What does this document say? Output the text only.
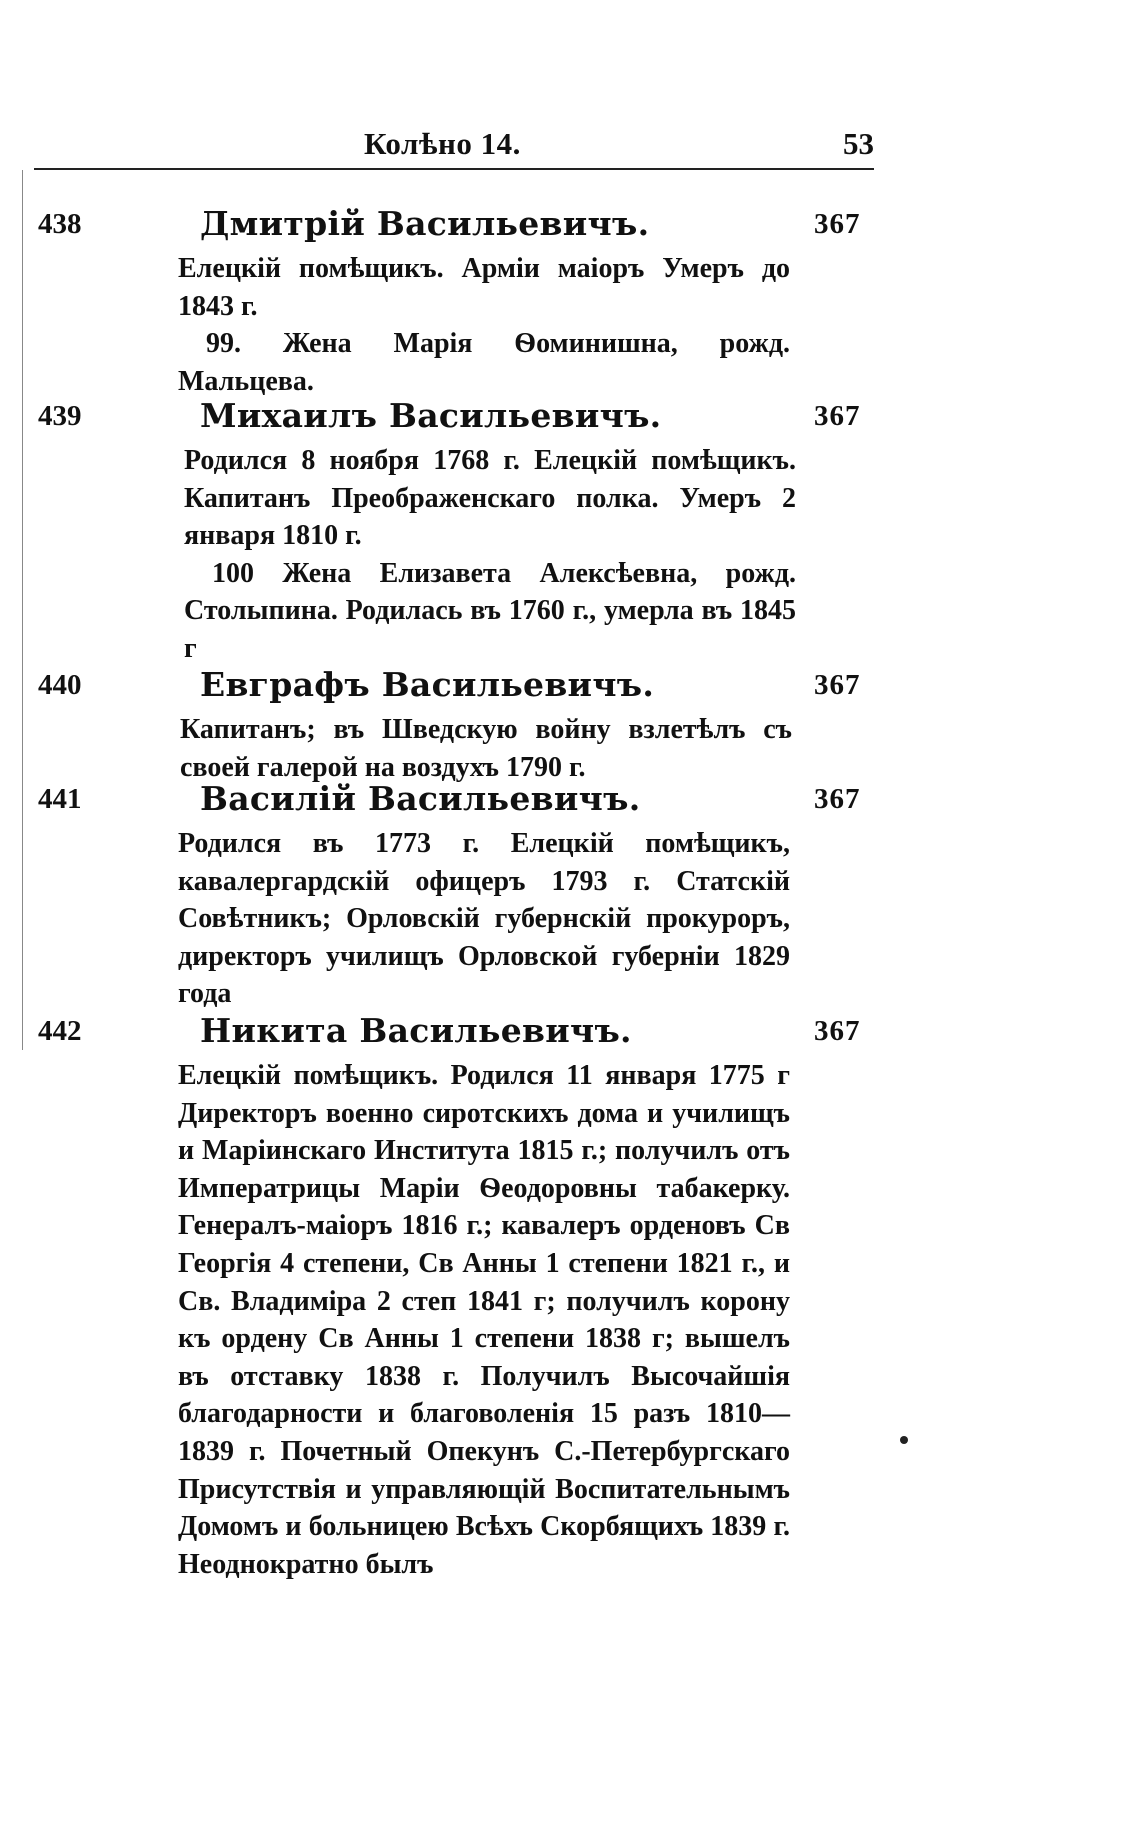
Колѣно 14.	53
438	Дмитрій Васильевичъ.	367

Елецкій помѣщикъ. Арміи маіоръ Умеръ до 1843 г.

99. Жена Марія Ѳоминишна, рожд. Мальцева.

439	Михаилъ Васильевичъ.	367

Родился 8 ноября 1768 г. Елецкій помѣщикъ. Капитанъ Преображенскаго полка. Умеръ 2 января 1810 г.

100 Жена Елизавета Алексѣевна, рожд. Столыпина. Родилась въ 1760 г., умерла въ 1845 г

440	Евграфъ Васильевичъ.	367

Капитанъ; въ Шведскую войну взлетѣлъ съ своей галерой на воздухъ 1790 г.

441	Василій Васильевичъ.	367

Родился въ 1773 г. Елецкій помѣщикъ, кавалергардскій офицеръ 1793 г. Статскій Совѣтникъ; Орловскій губернскій прокуроръ, директоръ училищъ Орловской губерніи 1829 года

442	Никита Васильевичъ.	367

Елецкій помѣщикъ. Родился 11 января 1775 г Директоръ военно сиротскихъ дома и училищъ и Маріинскаго Института 1815 г.; получилъ отъ Императрицы Маріи Ѳеодоровны табакерку. Генералъ-маіоръ 1816 г.; кавалеръ орденовъ Св Георгія 4 степени, Св Анны 1 степени 1821 г., и Св. Владиміра 2 степ 1841 г; получилъ корону къ ордену Св Анны 1 степени 1838 г; вышелъ въ отставку 1838 г. Получилъ Высочайшія благодарности и благоволенія 15 разъ 1810—1839 г. Почетный Опекунъ С.-Петербургскаго Присутствія и управляющій Воспитательнымъ Домомъ и больницею Всѣхъ Скорбящихъ 1839 г. Неоднократно былъ
